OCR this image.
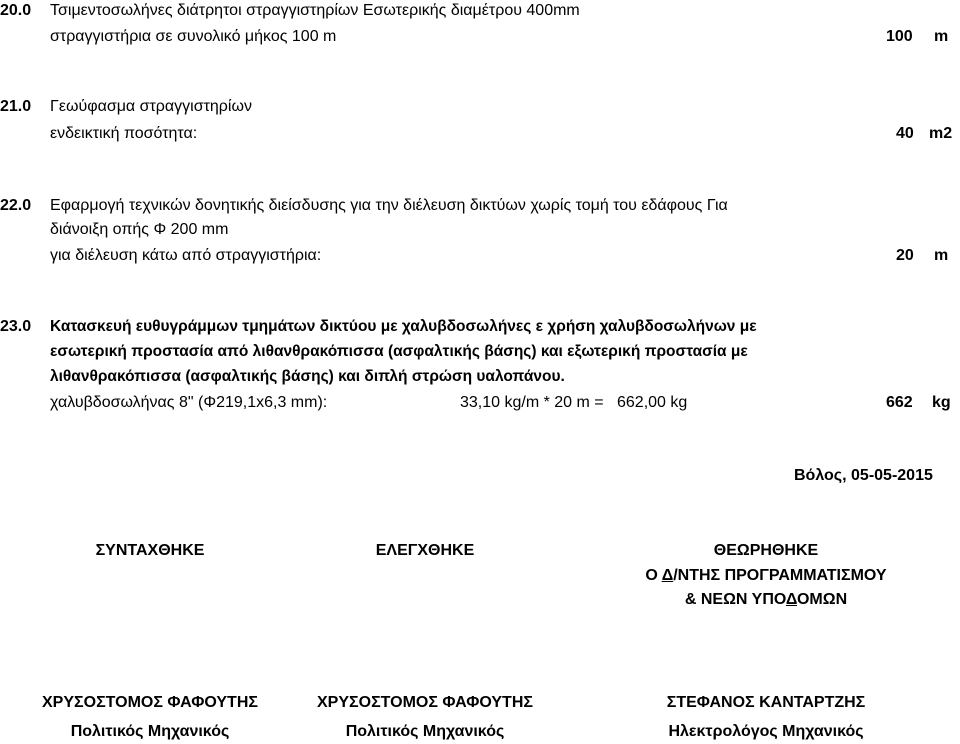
20.0 Τσιμεντοσωλήνες διάτρητοι στραγγιστηρίων Εσωτερικής διαμέτρου 400mm
στραγγιστήρια σε συνολικό μήκος 100 m	100 m
21.0 Γεωύφασμα στραγγιστηρίων
ενδεικτική ποσότητα:	40 m2
22.0 Εφαρμογή τεχνικών δονητικής διείσδυσης για την διέλευση δικτύων χωρίς τομή του εδάφους Για
διάνοιξη οπής Φ 200 mm
για διέλευση κάτω από στραγγιστήρια:	20 m
23.0 Κατασκευή ευθυγράμμων τμημάτων δικτύου με χαλυβδοσωλήνες ε χρήση χαλυβδοσωλήνων με
εσωτερική προστασία από λιθανθρακόπισσα (ασφαλτικής βάσης) και εξωτερική προστασία με
λιθανθρακόπισσα (ασφαλτικής βάσης) και διπλή στρώση υαλοπάνου.
χαλυβδοσωλήνας 8" (Φ219,1x6,3 mm):	33,10 kg/m * 20 m = 662,00 kg	662 kg
Βόλος, 05-05-2015
ΣΥΝΤΑΧΘΗΚΕ	ΕΛΕΓΧΘΗΚΕ	ΘΕΩΡΗΘΗΚΕ
Ο Δ/ΝΤΗΣ ΠΡΟΓΡΑΜΜΑΤΙΣΜΟΥ
& ΝΕΩΝ ΥΠΟΔΟΜΩΝ
ΧΡΥΣΟΣΤΟΜΟΣ ΦΑΦΟΥΤΗΣ	ΧΡΥΣΟΣΤΟΜΟΣ ΦΑΦΟΥΤΗΣ	ΣΤΕΦΑΝΟΣ ΚΑΝΤΑΡΤΖΗΣ
Πολιτικός Μηχανικός	Πολιτικός Μηχανικός	Ηλεκτρολόγος Μηχανικός
